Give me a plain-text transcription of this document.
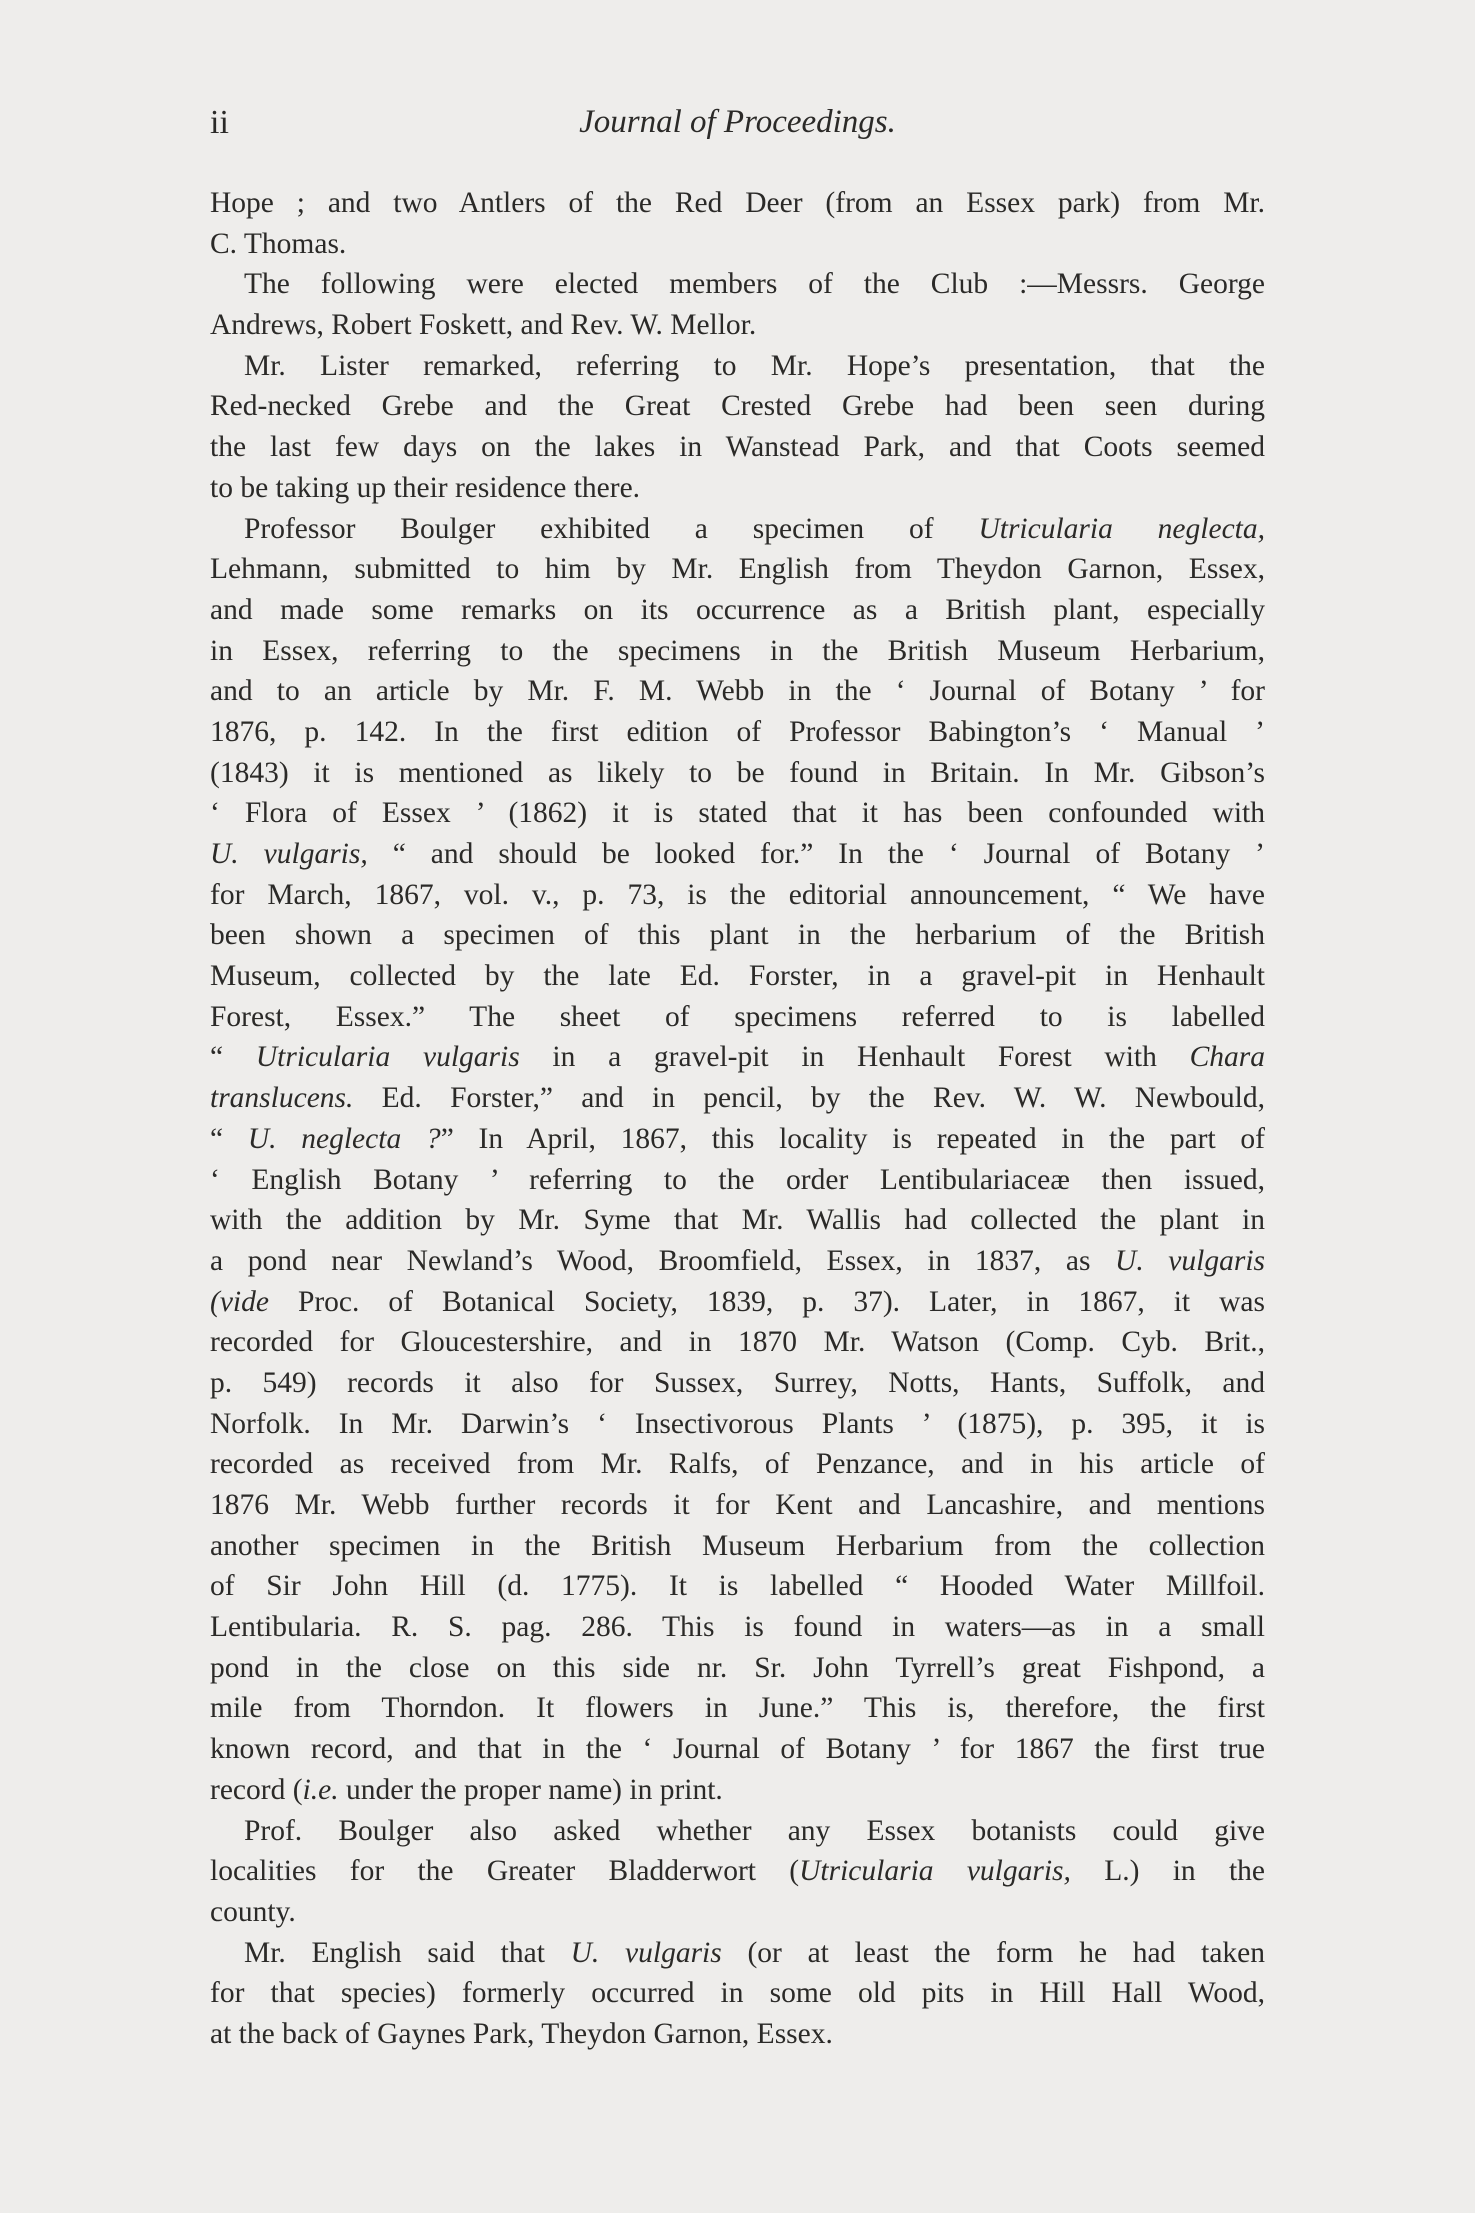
ii	Journal of Proceedings.
Hope ; and two Antlers of the Red Deer (from an Essex park) from Mr.
C. Thomas.
The following were elected members of the Club :—Messrs. George
Andrews, Robert Foskett, and Rev. W. Mellor.
Mr. Lister remarked, referring to Mr. Hope’s presentation, that the
Red-necked Grebe and the Great Crested Grebe had been seen during
the last few days on the lakes in Wanstead Park, and that Coots seemed
to be taking up their residence there.
Professor Boulger exhibited a specimen of Utricularia neglecta,
Lehmann, submitted to him by Mr. English from Theydon Garnon, Essex,
and made some remarks on its occurrence as a British plant, especially
in Essex, referring to the specimens in the British Museum Herbarium,
and to an article by Mr. F. M. Webb in the ‘ Journal of Botany ’ for
1876, p. 142. In the first edition of Professor Babington’s ‘ Manual ’
(1843) it is mentioned as likely to be found in Britain. In Mr. Gibson’s
‘ Flora of Essex ’ (1862) it is stated that it has been confounded with
U. vulgaris, “ and should be looked for.” In the ‘ Journal of Botany ’
for March, 1867, vol. v., p. 73, is the editorial announcement, “ We have
been shown a specimen of this plant in the herbarium of the British
Museum, collected by the late Ed. Forster, in a gravel-pit in Henhault
Forest, Essex.” The sheet of specimens referred to is labelled
“ Utricularia vulgaris in a gravel-pit in Henhault Forest with Chara
translucens. Ed. Forster,” and in pencil, by the Rev. W. W. Newbould,
“ U. neglecta ?” In April, 1867, this locality is repeated in the part of
‘ English Botany ’ referring to the order Lentibulariaceæ then issued,
with the addition by Mr. Syme that Mr. Wallis had collected the plant in
a pond near Newland’s Wood, Broomfield, Essex, in 1837, as U. vulgaris
(vide Proc. of Botanical Society, 1839, p. 37). Later, in 1867, it was
recorded for Gloucestershire, and in 1870 Mr. Watson (Comp. Cyb. Brit.,
p. 549) records it also for Sussex, Surrey, Notts, Hants, Suffolk, and
Norfolk. In Mr. Darwin’s ‘ Insectivorous Plants ’ (1875), p. 395, it is
recorded as received from Mr. Ralfs, of Penzance, and in his article of
1876 Mr. Webb further records it for Kent and Lancashire, and mentions
another specimen in the British Museum Herbarium from the collection
of Sir John Hill (d. 1775). It is labelled “ Hooded Water Millfoil.
Lentibularia. R. S. pag. 286. This is found in waters—as in a small
pond in the close on this side nr. Sr. John Tyrrell’s great Fishpond, a
mile from Thorndon. It flowers in June.” This is, therefore, the first
known record, and that in the ‘ Journal of Botany ’ for 1867 the first true
record (i.e. under the proper name) in print.
Prof. Boulger also asked whether any Essex botanists could give
localities for the Greater Bladderwort (Utricularia vulgaris, L.) in the
county.
Mr. English said that U. vulgaris (or at least the form he had taken
for that species) formerly occurred in some old pits in Hill Hall Wood,
at the back of Gaynes Park, Theydon Garnon, Essex.
